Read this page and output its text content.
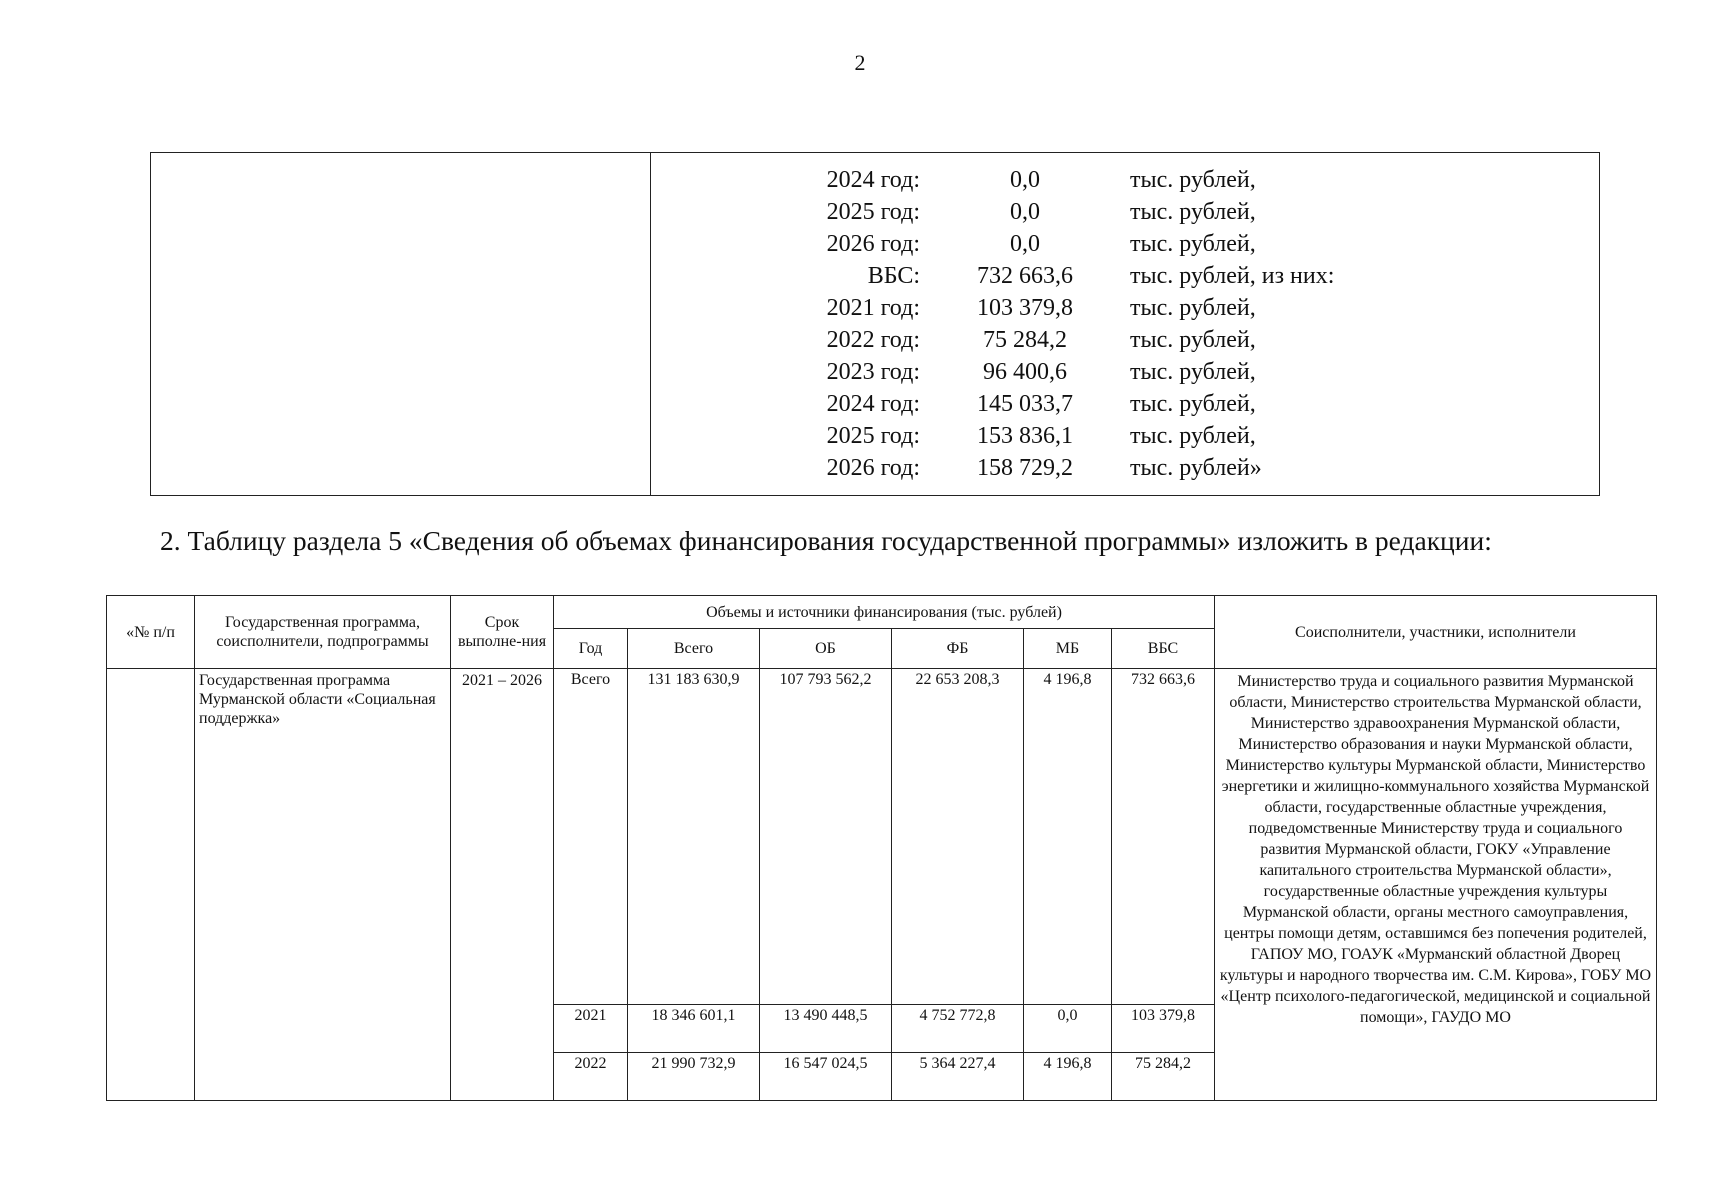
2
2024 год:	0,0	тыс. рублей,
2025 год:	0,0	тыс. рублей,
2026 год:	0,0	тыс. рублей,
ВБС:	732 663,6	тыс. рублей, из них:
2021 год:	103 379,8	тыс. рублей,
2022 год:	75 284,2	тыс. рублей,
2023 год:	96 400,6	тыс. рублей,
2024 год:	145 033,7	тыс. рублей,
2025 год:	153 836,1	тыс. рублей,
2026 год:	158 729,2	тыс. рублей»
2. Таблицу раздела 5 «Сведения об объемах финансирования государственной программы» изложить в редакции:
«№ п/п	Государственная программа, соисполнители, подпрограммы	Срок выполне-ния	Объемы и источники финансирования (тыс. рублей)						Соисполнители, участники, исполнители
			Год	Всего	ОБ	ФБ	МБ	ВБС	
	Государственная программа Мурманской области «Социальная поддержка»	2021 – 2026	Всего	131 183 630,9	107 793 562,2	22 653 208,3	4 196,8	732 663,6	Министерство труда и социального развития Мурманской области, Министерство строительства Мурманской области, Министерство здравоохранения Мурманской области, Министерство образования и науки Мурманской области, Министерство культуры Мурманской области, Министерство энергетики и жилищно-коммунального хозяйства Мурманской области, государственные областные учреждения, подведомственные Министерству труда и социального развития Мурманской области, ГОКУ «Управление капитального строительства Мурманской области», государственные областные учреждения культуры Мурманской области, органы местного самоуправления, центры помощи детям, оставшимся без попечения родителей, ГАПОУ МО, ГОАУК «Мурманский областной Дворец культуры и народного творчества им. С.М. Кирова», ГОБУ МО «Центр психолого-педагогической, медицинской и социальной помощи», ГАУДО МО
			2021	18 346 601,1	13 490 448,5	4 752 772,8	0,0	103 379,8	
			2022	21 990 732,9	16 547 024,5	5 364 227,4	4 196,8	75 284,2	
